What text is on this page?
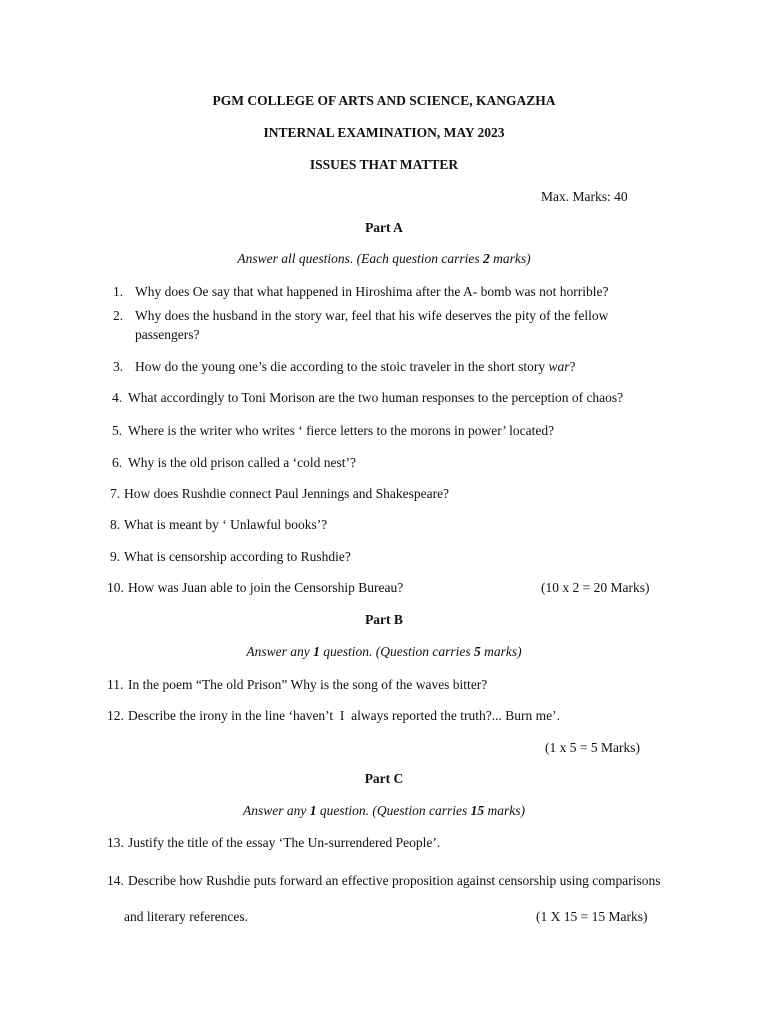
PGM COLLEGE OF ARTS AND SCIENCE, KANGAZHA
INTERNAL EXAMINATION, MAY 2023
ISSUES THAT MATTER
Max. Marks: 40
Part A
Answer all questions. (Each question carries 2 marks)
1. Why does Oe say that what happened in Hiroshima after the A- bomb was not horrible?
2. Why does the husband in the story war, feel that his wife deserves the pity of the fellow
passengers?
3. How do the young one’s die according to the stoic traveler in the short story war?
4. What accordingly to Toni Morison are the two human responses to the perception of chaos?
5. Where is the writer who writes ‘ fierce letters to the morons in power’ located?
6. Why is the old prison called a ‘cold nest’?
7. How does Rushdie connect Paul Jennings and Shakespeare?
8. What is meant by ‘ Unlawful books’?
9. What is censorship according to Rushdie?
10. How was Juan able to join the Censorship Bureau?	(10 x 2 = 20 Marks)
Part B
Answer any 1 question. (Question carries 5 marks)
11. In the poem “The old Prison” Why is the song of the waves bitter?
12. Describe the irony in the line ‘haven’t  I  always reported the truth?... Burn me’.
(1 x 5 = 5 Marks)
Part C
Answer any 1 question. (Question carries 15 marks)
13. Justify the title of the essay ‘The Un-surrendered People’.
14. Describe how Rushdie puts forward an effective proposition against censorship using comparisons
and literary references.	(1 X 15 = 15 Marks)
